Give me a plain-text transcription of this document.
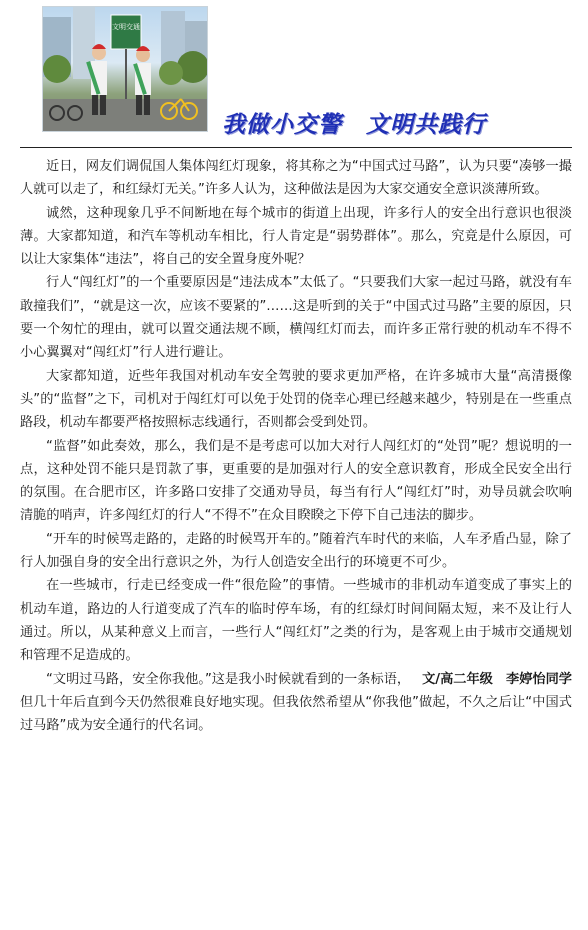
文明交通
我做小交警　文明共践行

近日，网友们调侃国人集体闯红灯现象，将其称之为“中国式过马路”，认为只要“凑够一撮人就可以走了，和红绿灯无关。”许多人认为，这种做法是因为大家交通安全意识淡薄所致。

诚然，这种现象几乎不间断地在每个城市的街道上出现，许多行人的安全出行意识也很淡薄。大家都知道，和汽车等机动车相比，行人肯定是“弱势群体”。那么，究竟是什么原因，可以让大家集体“违法”，将自己的安全置身度外呢？

行人“闯红灯”的一个重要原因是“违法成本”太低了。“只要我们大家一起过马路，就没有车敢撞我们”，“就是这一次，应该不要紧的”……这是听到的关于“中国式过马路”主要的原因，只要一个匆忙的理由，就可以置交通法规不顾，横闯红灯而去，而许多正常行驶的机动车不得不小心翼翼对“闯红灯”行人进行避让。

大家都知道，近些年我国对机动车安全驾驶的要求更加严格，在许多城市大量“高清摄像头”的“监督”之下，司机对于闯红灯可以免于处罚的侥幸心理已经越来越少，特别是在一些重点路段，机动车都要严格按照标志线通行，否则都会受到处罚。

“监督”如此奏效，那么，我们是不是考虑可以加大对行人闯红灯的“处罚”呢？想说明的一点，这种处罚不能只是罚款了事，更重要的是加强对行人的安全意识教育，形成全民安全出行的氛围。在合肥市区，许多路口安排了交通劝导员，每当有行人“闯红灯”时，劝导员就会吹响清脆的哨声，许多闯红灯的行人“不得不”在众目睽睽之下停下自己违法的脚步。

“开车的时候骂走路的，走路的时候骂开车的。”随着汽车时代的来临，人车矛盾凸显，除了行人加强自身的安全出行意识之外，为行人创造安全出行的环境更不可少。

在一些城市，行走已经变成一件“很危险”的事情。一些城市的非机动车道变成了事实上的机动车道，路边的人行道变成了汽车的临时停车场，有的红绿灯时间间隔太短，来不及让行人通过。所以，从某种意义上而言，一些行人“闯红灯”之类的行为，是客观上由于城市交通规划和管理不足造成的。

文/高二年级　李婷怡同学
“文明过马路，安全你我他。”这是我小时候就看到的一条标语，但几十年后直到今天仍然很难良好地实现。但我依然希望从“你我他”做起，不久之后让“中国式过马路”成为安全通行的代名词。
